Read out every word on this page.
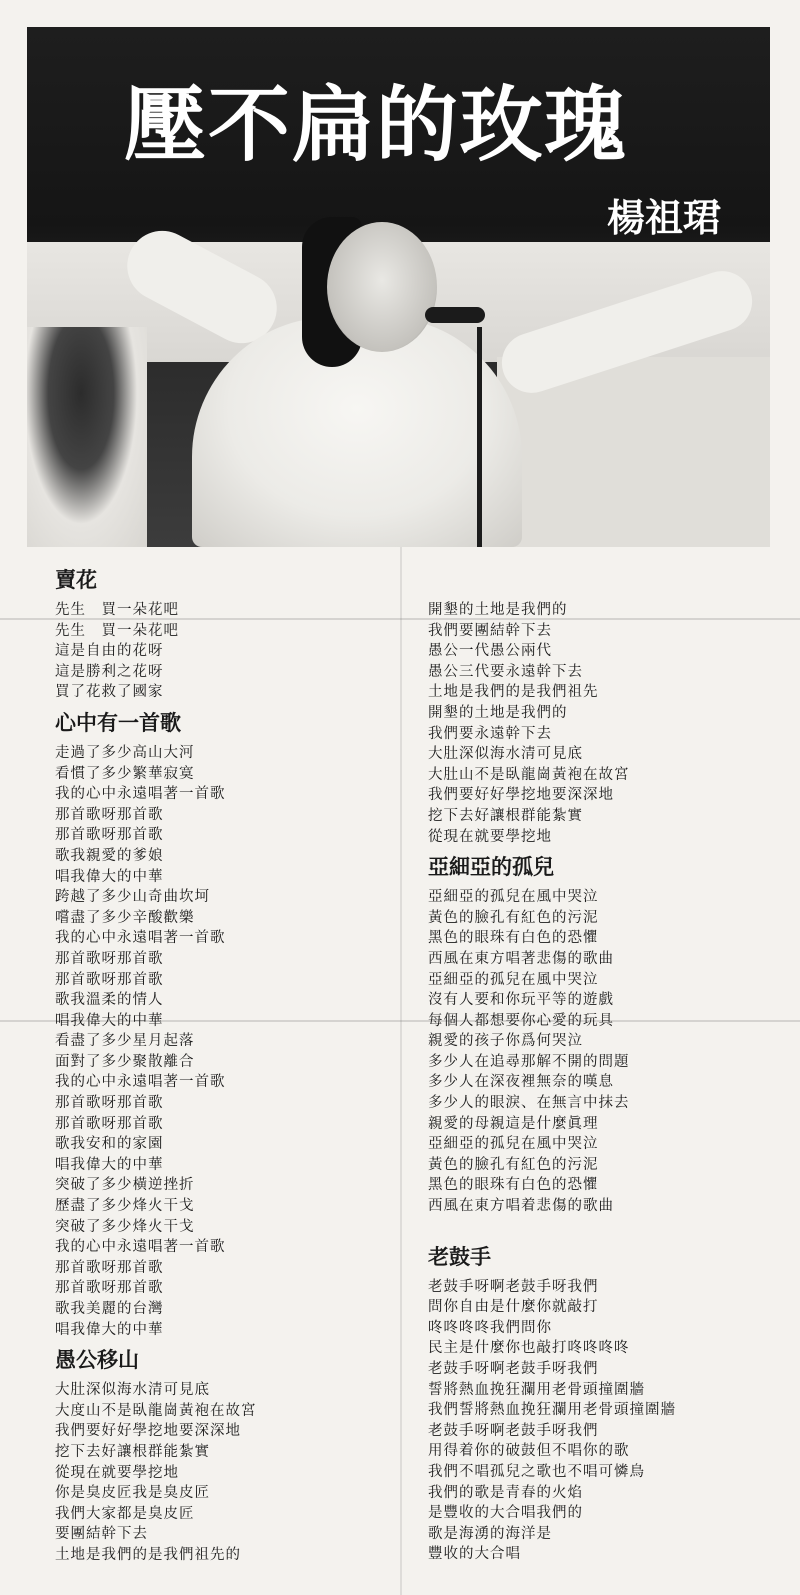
壓不扁的玫瑰
楊祖珺
賣花
先生　買一朵花吧
先生　買一朵花吧
這是自由的花呀
這是勝利之花呀
買了花救了國家
心中有一首歌
走過了多少高山大河
看慣了多少繁華寂寞
我的心中永遠唱著一首歌
那首歌呀那首歌
那首歌呀那首歌
歌我親愛的爹娘
唱我偉大的中華
跨越了多少山奇曲坎坷
嚐盡了多少辛酸歡樂
我的心中永遠唱著一首歌
那首歌呀那首歌
那首歌呀那首歌
歌我溫柔的情人
唱我偉大的中華
看盡了多少星月起落
面對了多少聚散離合
我的心中永遠唱著一首歌
那首歌呀那首歌
那首歌呀那首歌
歌我安和的家園
唱我偉大的中華
突破了多少橫逆挫折
歷盡了多少烽火干戈
突破了多少烽火干戈
我的心中永遠唱著一首歌
那首歌呀那首歌
那首歌呀那首歌
歌我美麗的台灣
唱我偉大的中華
愚公移山
大肚深似海水清可見底
大度山不是臥龍崗黃袍在故宮
我們要好好學挖地要深深地
挖下去好讓根群能紮實
從現在就要學挖地
你是臭皮匠我是臭皮匠
我們大家都是臭皮匠
要團結幹下去
土地是我們的是我們祖先的
開墾的土地是我們的
我們要團結幹下去
愚公一代愚公兩代
愚公三代要永遠幹下去
土地是我們的是我們祖先
開墾的土地是我們的
我們要永遠幹下去
大肚深似海水清可見底
大肚山不是臥龍崗黃袍在故宮
我們要好好學挖地要深深地
挖下去好讓根群能紮實
從現在就要學挖地
亞細亞的孤兒
亞細亞的孤兒在風中哭泣
黃色的臉孔有紅色的污泥
黑色的眼珠有白色的恐懼
西風在東方唱著悲傷的歌曲
亞細亞的孤兒在風中哭泣
沒有人要和你玩平等的遊戲
每個人都想要你心愛的玩具
親愛的孩子你爲何哭泣
多少人在追尋那解不開的問題
多少人在深夜裡無奈的嘆息
多少人的眼淚、在無言中抹去
親愛的母親這是什麼眞理
亞細亞的孤兒在風中哭泣
黃色的臉孔有紅色的污泥
黑色的眼珠有白色的恐懼
西風在東方唱着悲傷的歌曲
老鼓手
老鼓手呀啊老鼓手呀我們
問你自由是什麼你就敲打
咚咚咚咚我們問你
民主是什麼你也敲打咚咚咚咚
老鼓手呀啊老鼓手呀我們
誓將熱血挽狂瀾用老骨頭撞圍牆
我們誓將熱血挽狂瀾用老骨頭撞圍牆
老鼓手呀啊老鼓手呀我們
用得着你的破鼓但不唱你的歌
我們不唱孤兒之歌也不唱可憐鳥
我們的歌是青春的火焰
是豐收的大合唱我們的
歌是海湧的海洋是
豐收的大合唱
